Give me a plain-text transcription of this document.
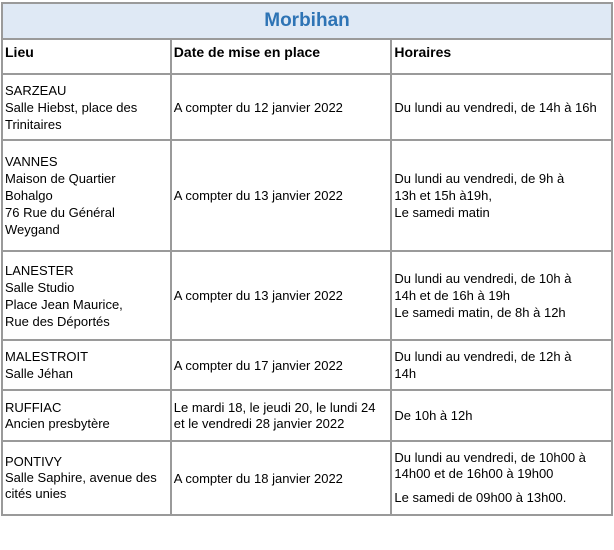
Morbihan		
Lieu	Date de mise en place	Horaires

SARZEAU
Salle Hiebst, place des
Trinitaires	A compter du 12 janvier 2022	Du lundi au vendredi, de 14h à 16h

VANNES
Maison de Quartier
Bohalgo
76 Rue du Général
Weygand	A compter du 13 janvier 2022	Du lundi au vendredi, de 9h à
13h et 15h à19h,
Le samedi matin

LANESTER
Salle Studio
Place Jean Maurice,
Rue des Déportés	A compter du 13 janvier 2022	Du lundi au vendredi, de 10h à
14h et de 16h à 19h
Le samedi matin, de 8h à 12h

MALESTROIT
Salle Jéhan	A compter du 17 janvier 2022	Du lundi au vendredi, de 12h à
14h

RUFFIAC
Ancien presbytère	Le mardi 18, le jeudi 20, le lundi 24
et le vendredi 28 janvier 2022	De 10h à 12h

PONTIVY
Salle Saphire, avenue des
cités unies	A compter du 18 janvier 2022	Du lundi au vendredi, de 10h00 à
14h00 et de 16h00 à 19h00
Le samedi de 09h00 à 13h00.
